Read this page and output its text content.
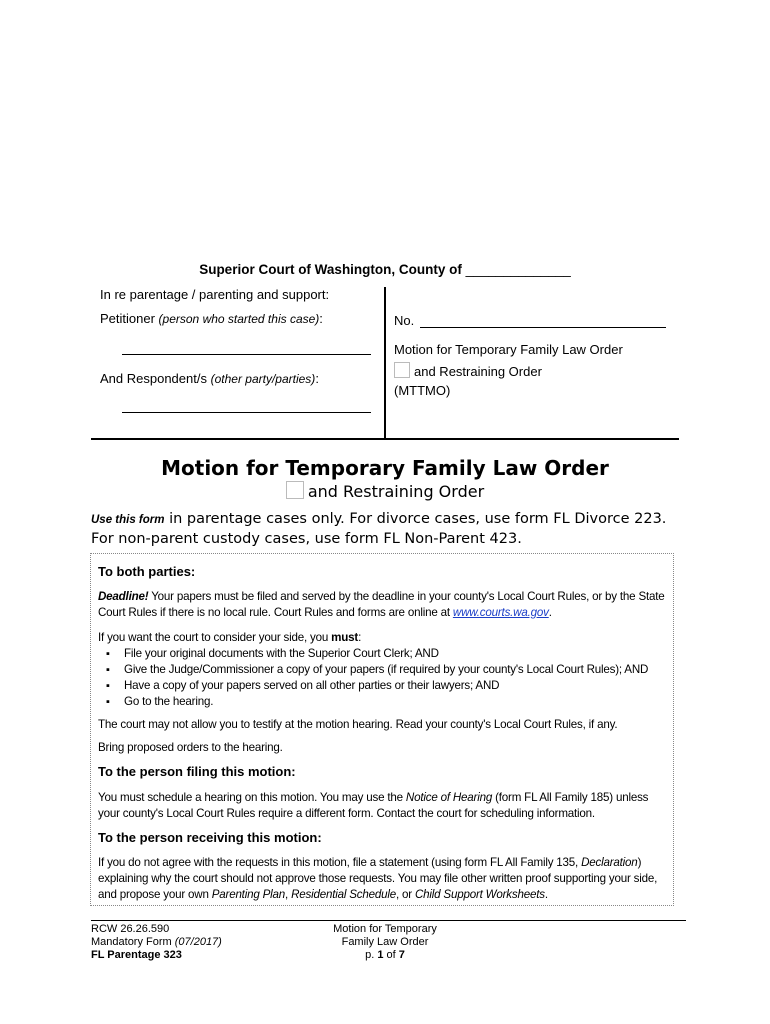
Superior Court of Washington, County of ______________
In re parentage / parenting and support:
Petitioner (person who started this case):
And Respondent/s (other party/parties):
No.
Motion for Temporary Family Law Order
and Restraining Order
(MTTMO)
Motion for Temporary Family Law Order
and Restraining Order
Use this form in parentage cases only. For divorce cases, use form FL Divorce 223. For non-parent custody cases, use form FL Non-Parent 423.
To both parties:
Deadline! Your papers must be filed and served by the deadline in your county's Local Court Rules, or by the State Court Rules if there is no local rule. Court Rules and forms are online at www.courts.wa.gov.
If you want the court to consider your side, you must:
▪ File your original documents with the Superior Court Clerk; AND
▪ Give the Judge/Commissioner a copy of your papers (if required by your county's Local Court Rules); AND
▪ Have a copy of your papers served on all other parties or their lawyers; AND
▪ Go to the hearing.
The court may not allow you to testify at the motion hearing. Read your county's Local Court Rules, if any.
Bring proposed orders to the hearing.
To the person filing this motion:
You must schedule a hearing on this motion. You may use the Notice of Hearing (form FL All Family 185) unless your county's Local Court Rules require a different form. Contact the court for scheduling information.
To the person receiving this motion:
If you do not agree with the requests in this motion, file a statement (using form FL All Family 135, Declaration) explaining why the court should not approve those requests. You may file other written proof supporting your side, and propose your own Parenting Plan, Residential Schedule, or Child Support Worksheets.
RCW 26.26.590
Mandatory Form (07/2017)
FL Parentage 323
Motion for Temporary
Family Law Order
p. 1 of 7
